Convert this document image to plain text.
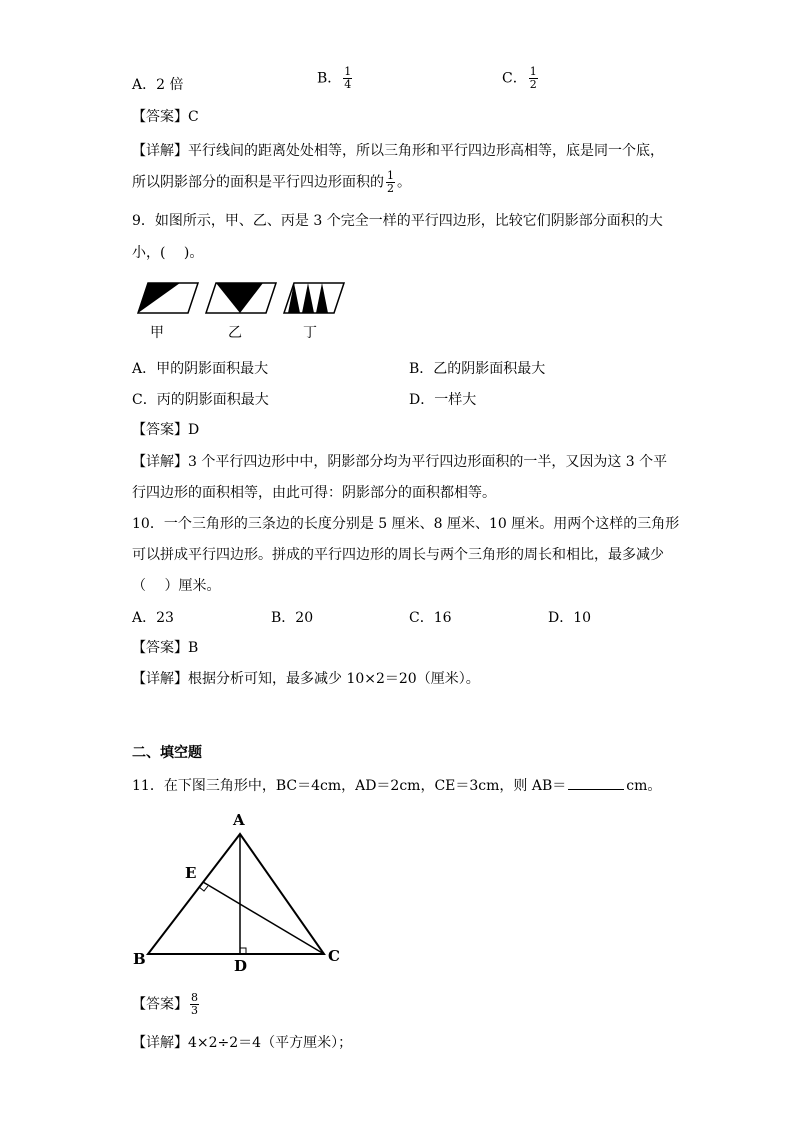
A．2 倍	B． $\frac{1}{4}$	C． $\frac{1}{2}$
【答案】C
【详解】平行线间的距离处处相等，所以三角形和平行四边形高相等，底是同一个底，
所以阴影部分的面积是平行四边形面积的 $\frac{1}{2}$ 。
9．如图所示，甲、乙、丙是 3 个完全一样的平行四边形，比较它们阴影部分面积的大
小，(　 )。
甲	乙	丁
A．甲的阴影面积最大	B．乙的阴影面积最大
C．丙的阴影面积最大	D．一样大
【答案】D
【详解】3 个平行四边形中中，阴影部分均为平行四边形面积的一半，又因为这 3 个平
行四边形的面积相等，由此可得：阴影部分的面积都相等。
10．一个三角形的三条边的长度分别是 5 厘米、8 厘米、10 厘米。用两个这样的三角形
可以拼成平行四边形。拼成的平行四边形的周长与两个三角形的周长和相比，最多减少
（　 ）厘米。
A．23	B．20	C．16	D．10
【答案】B
【详解】根据分析可知，最多减少 10×2＝20（厘米）。
二、填空题
11．在下图三角形中，BC＝4cm，AD＝2cm，CE＝3cm，则 AB＝	cm。
A
B	C
D
E
【答案】 $\frac{8}{3}$
【详解】4×2÷2＝4（平方厘米）；
